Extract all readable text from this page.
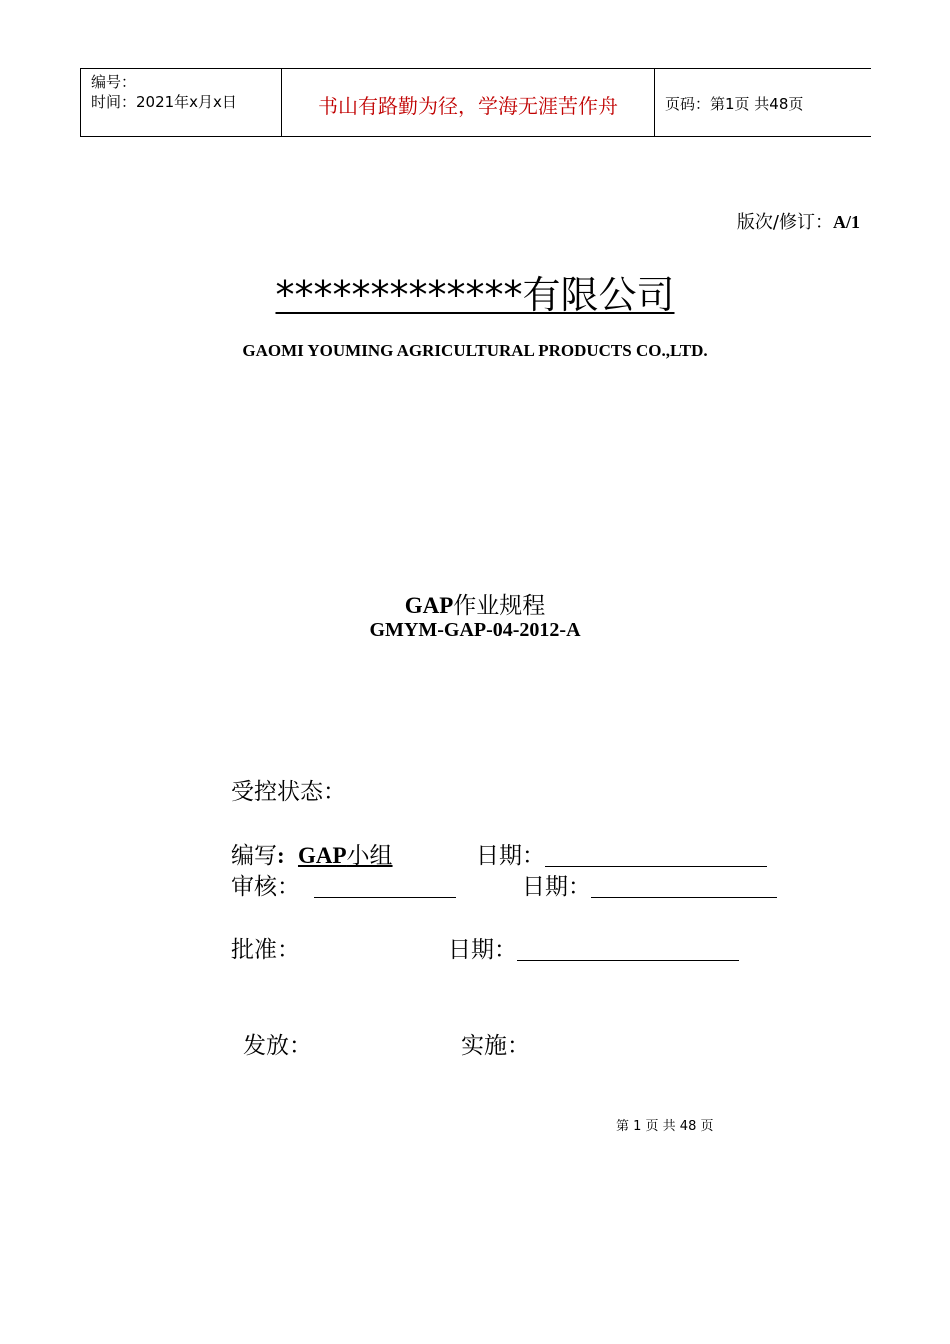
编号：
时间：2021年x月x日	书山有路勤为径，学海无涯苦作舟	页码：第1页 共48页
版次/修订：A/1
*************有限公司
GAOMI YOUMING AGRICULTURAL PRODUCTS CO.,LTD.
GAP作业规程
GMYM-GAP-04-2012-A
受控状态：
编写: GAP小组	日期：
审核：	日期：
批准：	日期：
发放：	实施：
第 1 页 共 48 页
